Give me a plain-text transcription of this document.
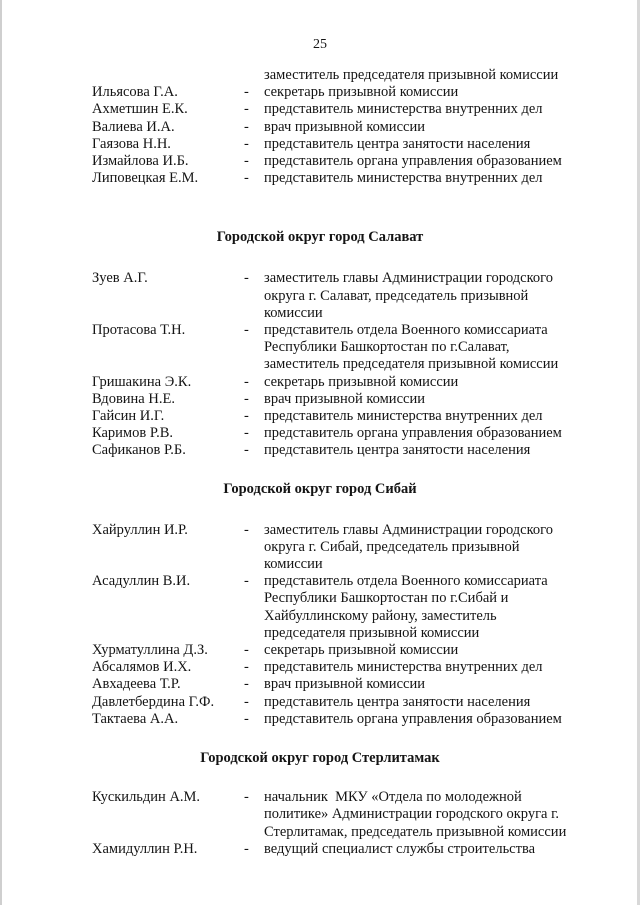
25
заместитель председателя призывной комиссии
Ильясова Г.А.	-	секретарь призывной комиссии
Ахметшин Е.К.	-	представитель министерства внутренних дел
Валиева И.А.	-	врач призывной комиссии
Гаязова Н.Н.	-	представитель центра занятости населения
Измайлова И.Б.	-	представитель органа управления образованием
Липовецкая Е.М.	-	представитель министерства внутренних дел
Городской округ город Салават
Зуев А.Г.	-	заместитель главы Администрации городского
округа г. Салават, председатель призывной
комиссии
Протасова Т.Н.	-	представитель отдела Военного комиссариата
Республики Башкортостан по г.Салават,
заместитель председателя призывной комиссии
Гришакина Э.К.	-	секретарь призывной комиссии
Вдовина Н.Е.	-	врач призывной комиссии
Гайсин И.Г.	-	представитель министерства внутренних дел
Каримов Р.В.	-	представитель органа управления образованием
Сафиканов Р.Б.	-	представитель центра занятости населения
Городской округ город Сибай
Хайруллин И.Р.	-	заместитель главы Администрации городского
округа г. Сибай, председатель призывной
комиссии
Асадуллин В.И.	-	представитель отдела Военного комиссариата
Республики Башкортостан по г.Сибай и
Хайбуллинскому району, заместитель
председателя призывной комиссии
Хурматуллина Д.З.	-	секретарь призывной комиссии
Абсалямов И.Х.	-	представитель министерства внутренних дел
Авхадеева Т.Р.	-	врач призывной комиссии
Давлетбердина Г.Ф.	-	представитель центра занятости населения
Тактаева А.А.	-	представитель органа управления образованием
Городской округ город Стерлитамак
Кускильдин А.М.	-	начальник  МКУ «Отдела по молодежной
политике» Администрации городского округа г.
Стерлитамак, председатель призывной комиссии
Хамидуллин Р.Н.	-	ведущий специалист службы строительства
